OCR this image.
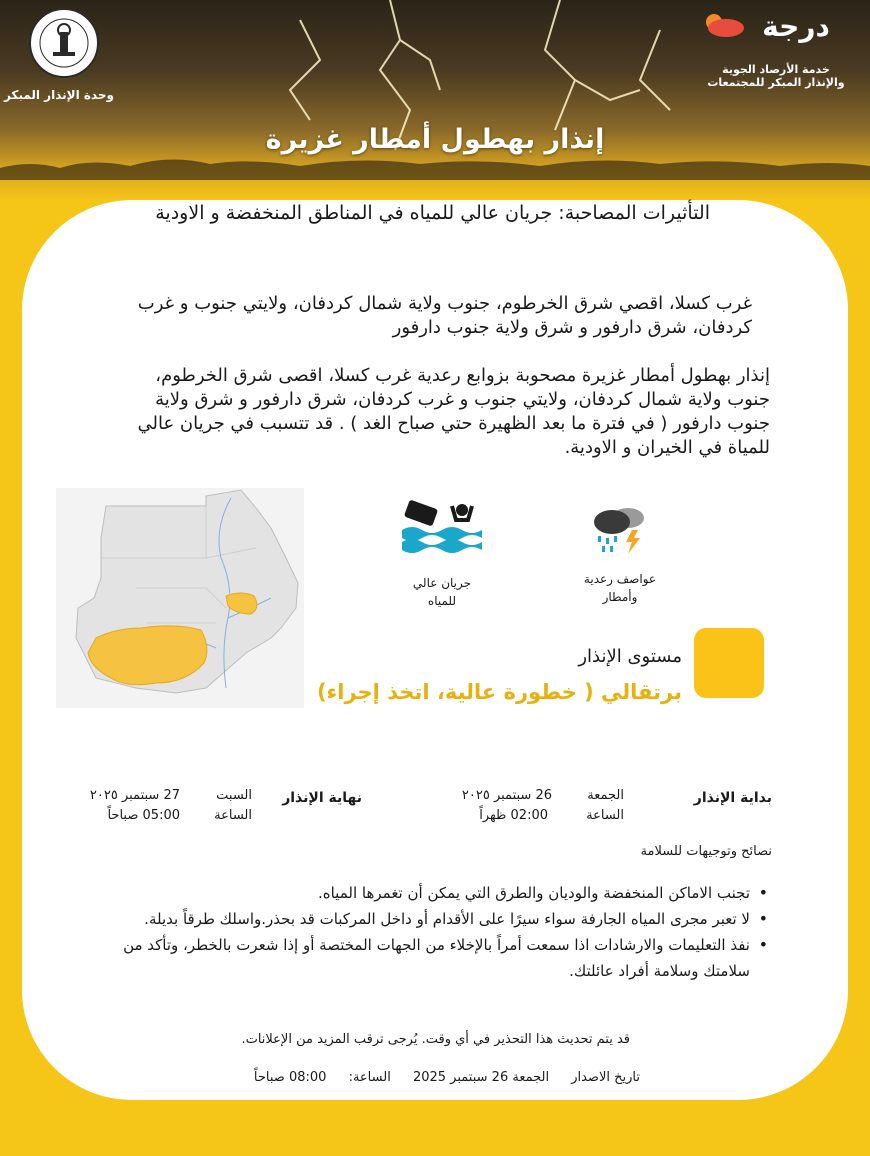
وحدة الإنذار المبكر
درجة
خدمة الأرصاد الجوية
والإنذار المبكر للمجتمعات
إنذار بهطول أمطار غزيرة
التأثيرات المصاحبة: جريان عالي للمياه في المناطق المنخفضة و الاودية

غرب كسلا، اقصي شرق الخرطوم، جنوب ولاية شمال كردفان، ولايتي جنوب و غرب

كردفان، شرق دارفور و شرق ولاية جنوب دارفور

إنذار بهطول أمطار غزيرة مصحوبة بزوابع رعدية غرب كسلا، اقصى شرق الخرطوم،

جنوب ولاية شمال كردفان، ولايتي جنوب و غرب كردفان، شرق دارفور و شرق ولاية

جنوب دارفور ( في فترة ما بعد الظهيرة حتي صباح الغد ) . قد تتسبب في جريان عالي

للمياة في الخيران و الاودية.

جريان عالي
للمياه
عواصف رعدية
وأمطار
مستوى الإنذار
برتقالي ( خطورة عالية، اتخذ إجراء)
بداية الإنذار
الجمعة
الساعة
26 سبتمبر ٢٠٢٥
02:00 ظهراً
نهاية الإنذار
السبت
الساعة
27 سبتمبر ٢٠٢٥
05:00 صباحاً
نصائح وتوجيهات للسلامة
• تجنب الاماكن المنخفضة والوديان والطرق التي يمكن أن تغمرها المياه.
• لا تعبر مجرى المياه الجارفة سواء سيرًا على الأقدام أو داخل المركبات قد بحذر.واسلك طرقاً بديلة.
• نفذ التعليمات والارشادات اذا سمعت أمراً بالإخلاء من الجهات المختصة أو إذا شعرت بالخطر، وتأكد من سلامتك وسلامة أفراد عائلتك.
قد يتم تحديث هذا التحذير في أي وقت. يُرجى ترقب المزيد من الإعلانات.
تاريخ الاصدار الجمعة 26 سبتمبر 2025 الساعة: 08:00 صباحاً
